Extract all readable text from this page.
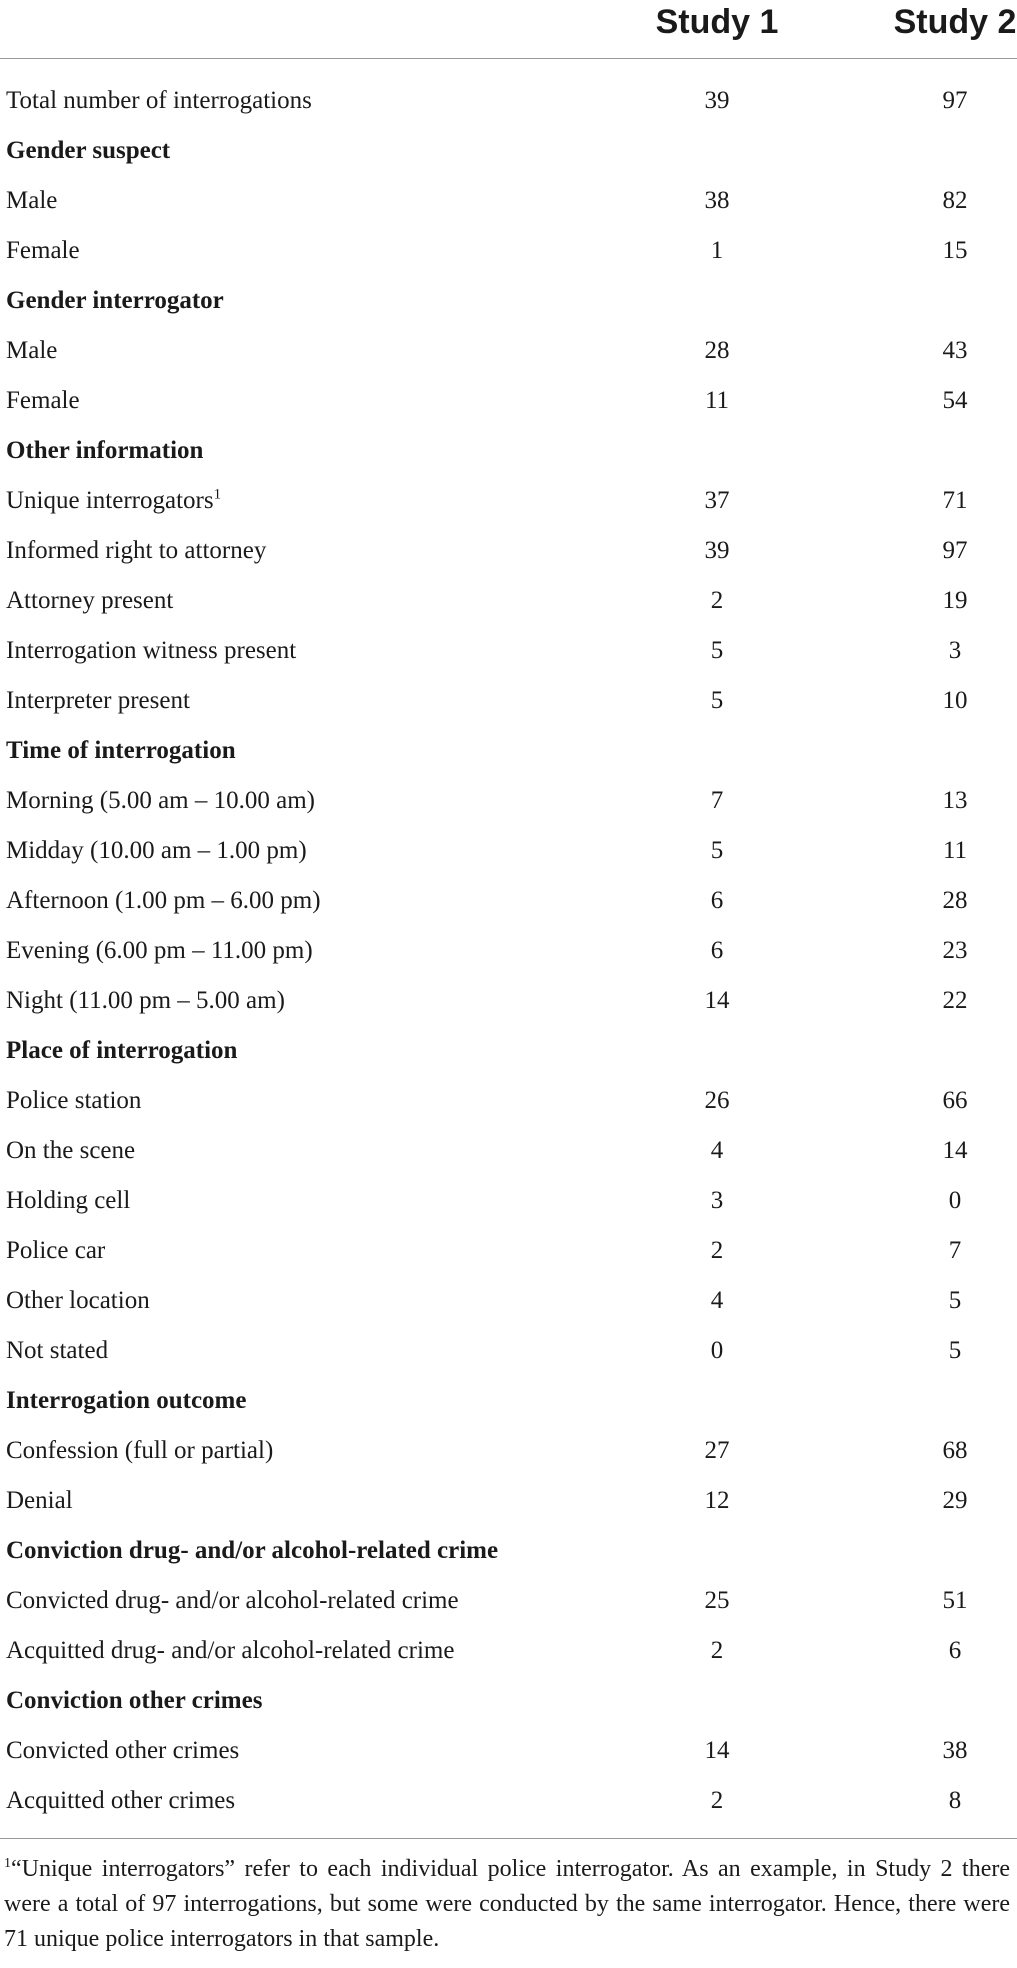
Study 1	Study 2
Total number of interrogations	39	97
Gender suspect
Male	38	82
Female	1	15
Gender interrogator
Male	28	43
Female	11	54
Other information
Unique interrogators$^1$	37	71
Informed right to attorney	39	97
Attorney present	2	19
Interrogation witness present	5	3
Interpreter present	5	10
Time of interrogation
Morning (5.00 am – 10.00 am)	7	13
Midday (10.00 am – 1.00 pm)	5	11
Afternoon (1.00 pm – 6.00 pm)	6	28
Evening (6.00 pm – 11.00 pm)	6	23
Night (11.00 pm – 5.00 am)	14	22
Place of interrogation
Police station	26	66
On the scene	4	14
Holding cell	3	0
Police car	2	7
Other location	4	5
Not stated	0	5
Interrogation outcome
Confession (full or partial)	27	68
Denial	12	29
Conviction drug- and/or alcohol-related crime
Convicted drug- and/or alcohol-related crime	25	51
Acquitted drug- and/or alcohol-related crime	2	6
Conviction other crimes
Convicted other crimes	14	38
Acquitted other crimes	2	8
$^1$“Unique interrogators” refer to each individual police interrogator. As an example, in Study 2 there were a total of 97 interrogations, but some were conducted by the same interrogator. Hence, there were 71 unique police interrogators in that sample.
